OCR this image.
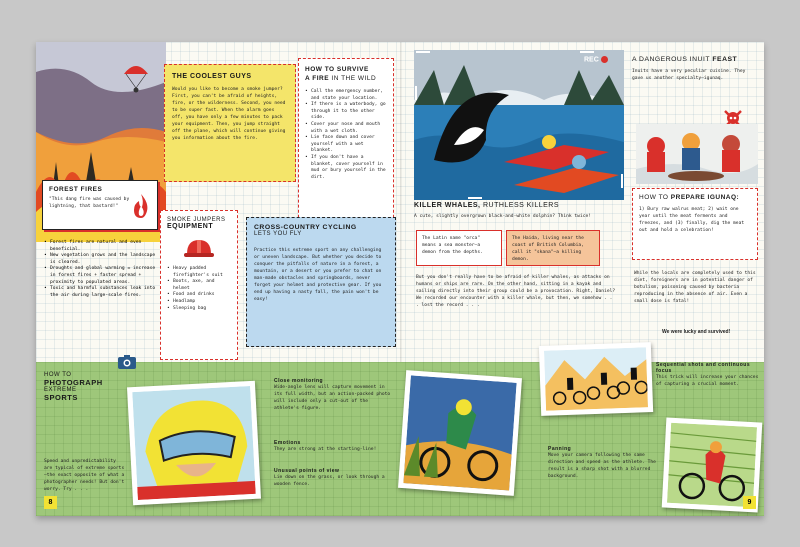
THE COOLEST GUYS
Would you like to become a smoke jumper? First, you can't be afraid of heights, fire, or the wilderness. Second, you need to be super fast. When the alarm goes off, you have only a few minutes to pack your equipment. Then, you jump straight off the plane, which will continue giving you information about the fire.
HOW TO SURVIVE
A FIRE IN THE WILD
• Call the emergency number, and state your location.
• If there is a waterbody, go through it to the other side.
• Cover your nose and mouth with a wet cloth.
• Lie face down and cover yourself with a wet blanket.
• If you don't have a blanket, cover yourself in mud or bury yourself in the dirt.
FOREST FIRES
"This dang fire was caused by lightning, that bastard!"
• Forest fires are natural and even beneficial.
• New vegetation grows and the landscape is cleared.
• Droughts and global warming = increase in forest fires + faster spread + proximity to populated areas.
• Toxic and harmful substances leak into the air during large-scale fires.
SMOKE JUMPERS
EQUIPMENT
• Heavy padded firefighter's suit
• Boots, axe, and helmet
• Food and drinks
• Headlamp
• Sleeping bag
CROSS-COUNTRY CYCLING
LETS YOU FLY
Practice this extreme sport on any challenging or uneven landscape. But whether you decide to conquer the pitfalls of nature in a forest, a mountain, or a desert or you prefer to chat on man-made obstacles and springboards, never forget your helmet and protective gear. If you end up having a nasty fall, the pain won't be easy!
REC
KILLER WHALES, RUTHLESS KILLERS
A cute, slightly overgrown black-and-white dolphin? Think twice!
The Latin name "orca" means a sea monster—a demon from the depths.
The Haida, living near the coast of British Columbia, call it "skana"—a killing demon.
But you don't really have to be afraid of killer whales, as attacks on humans or ships are rare. On the other hand, sitting in a kayak and sailing directly into their group could be a provocation. Right, Daniel? We recorded our encounter with a killer whale, but then, we somehow . . . lost the record . . .
A DANGEROUS INUIT FEAST
Inuits have a very peculiar cuisine. They gave us another specialty—igunaq.
HOW TO PREPARE IGUNAQ:
1) Bury raw walrus meat; 2) wait one year until the meat ferments and freezes, and (3) finally, dig the meat out and hold a celebration!
While the locals are completely used to this diet, foreigners are in potential danger of botulism, poisoning caused by bacteria reproducing in the absence of air. Even a small dose is fatal!
We were lucky and survived!
HOW TO
PHOTOGRAPH
EXTREME
SPORTS
Speed and unpredictability are typical of extreme sports—the exact opposite of what a photographer needs! But don't worry. Try . . .
Close monitoring
Wide-angle lens will capture movement in its full width, but an action-packed photo will include only a cut-out of the athlete's figure.
Emotions
They are strong at the starting-line!
Unusual points of view
Lie down on the grass, or look through a wooden fence.
Sequential shots and continuous focus
This trick will increase your chances of capturing a crucial moment.
Panning
Move your camera following the same direction and speed as the athlete. The result is a sharp shot with a blurred background.
8	9
